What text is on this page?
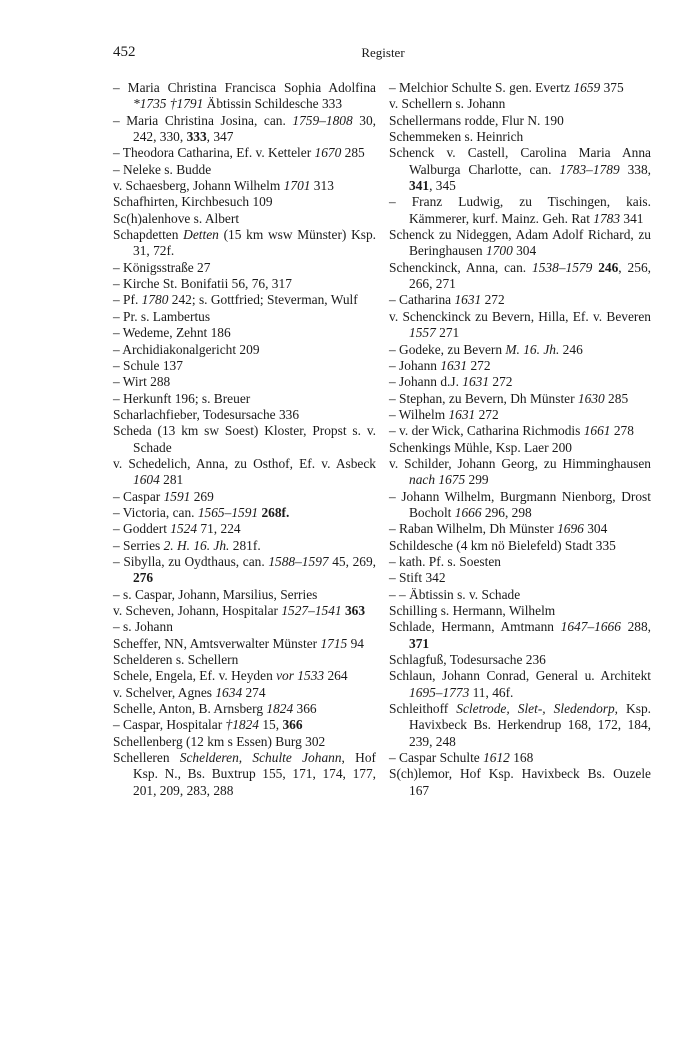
452	Register
– Maria Christina Francisca Sophia Adolfina *1735 †1791 Äbtissin Schildesche 333
– Maria Christina Josina, can. 1759–1808 30, 242, 330, 333, 347
– Theodora Catharina, Ef. v. Ketteler 1670 285
– Neleke s. Budde
v. Schaesberg, Johann Wilhelm 1701 313
Schafhirten, Kirchbesuch 109
Sc(h)alenhove s. Albert
Schapdetten Detten (15 km wsw Münster) Ksp. 31, 72f.
– Königsstraße 27
– Kirche St. Bonifatii 56, 76, 317
– Pf. 1780 242; s. Gottfried; Steverman, Wulf
– Pr. s. Lambertus
– Wedeme, Zehnt 186
– Archidiakonalgericht 209
– Schule 137
– Wirt 288
– Herkunft 196; s. Breuer
Scharlachfieber, Todesursache 336
Scheda (13 km sw Soest) Kloster, Propst s. v. Schade
v. Schedelich, Anna, zu Osthof, Ef. v. Asbeck 1604 281
– Caspar 1591 269
– Victoria, can. 1565–1591 268f.
– Goddert 1524 71, 224
– Serries 2. H. 16. Jh. 281f.
– Sibylla, zu Oydthaus, can. 1588–1597 45, 269, 276
– s. Caspar, Johann, Marsilius, Serries
v. Scheven, Johann, Hospitalar 1527–1541 363
– s. Johann
Scheffer, NN, Amtsverwalter Münster 1715 94
Schelderen s. Schellern
Schele, Engela, Ef. v. Heyden vor 1533 264
v. Schelver, Agnes 1634 274
Schelle, Anton, B. Arnsberg 1824 366
– Caspar, Hospitalar †1824 15, 366
Schellenberg (12 km s Essen) Burg 302
Schelleren Schelderen, Schulte Johann, Hof Ksp. N., Bs. Buxtrup 155, 171, 174, 177, 201, 209, 283, 288
– Melchior Schulte S. gen. Evertz 1659 375
v. Schellern s. Johann
Schellermans rodde, Flur N. 190
Schemmeken s. Heinrich
Schenck v. Castell, Carolina Maria Anna Walburga Charlotte, can. 1783–1789 338, 341, 345
– Franz Ludwig, zu Tischingen, kais. Kämmerer, kurf. Mainz. Geh. Rat 1783 341
Schenck zu Nideggen, Adam Adolf Richard, zu Beringhausen 1700 304
Schenckinck, Anna, can. 1538–1579 246, 256, 266, 271
– Catharina 1631 272
v. Schenckinck zu Bevern, Hilla, Ef. v. Beveren 1557 271
– Godeke, zu Bevern M. 16. Jh. 246
– Johann 1631 272
– Johann d.J. 1631 272
– Stephan, zu Bevern, Dh Münster 1630 285
– Wilhelm 1631 272
– v. der Wick, Catharina Richmodis 1661 278
Schenkings Mühle, Ksp. Laer 200
v. Schilder, Johann Georg, zu Himminghausen nach 1675 299
– Johann Wilhelm, Burgmann Nienborg, Drost Bocholt 1666 296, 298
– Raban Wilhelm, Dh Münster 1696 304
Schildesche (4 km nö Bielefeld) Stadt 335
– kath. Pf. s. Soesten
– Stift 342
– – Äbtissin s. v. Schade
Schilling s. Hermann, Wilhelm
Schlade, Hermann, Amtmann 1647–1666 288, 371
Schlagfuß, Todesursache 236
Schlaun, Johann Conrad, General u. Architekt 1695–1773 11, 46f.
Schleithoff Scletrode, Slet-, Sledendorp, Ksp. Havixbeck Bs. Herkendrup 168, 172, 184, 239, 248
– Caspar Schulte 1612 168
S(ch)lemor, Hof Ksp. Havixbeck Bs. Ouzele 167
